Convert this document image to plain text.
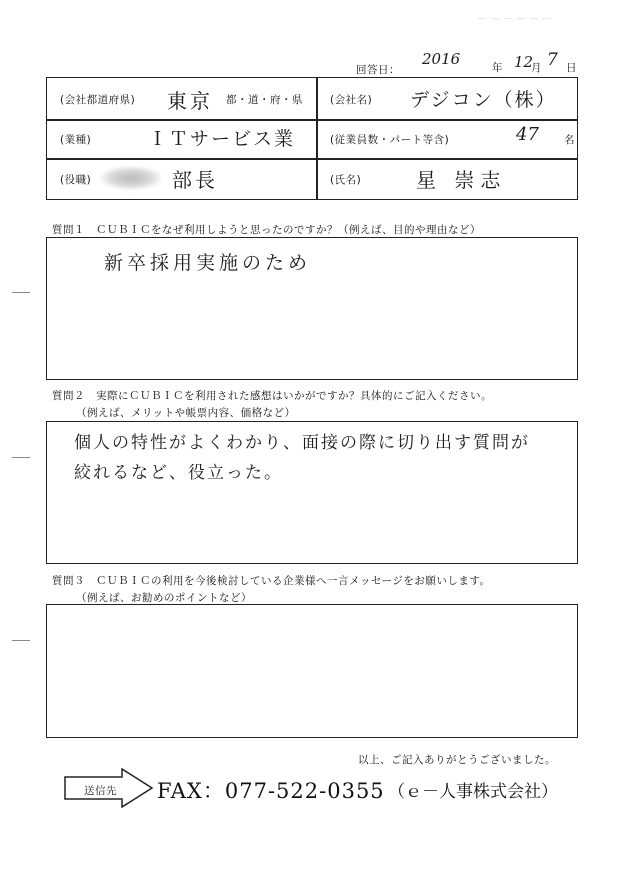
— — — — — —
回答日：
2016	年 12
月 7 日
(会社都道府県) 東京 都・道・府・県	(会社名) デジコン（株）
(業種)	ＩＴサービス業	(従業員数・パート等含)	47 名
(役職)	部長	(氏名)	星 崇志
質問１　ＣＵＢＩＣをなぜ利用しようと思ったのですか？（例えば、目的や理由など）
新卒採用実施のため
質問２　実際にＣＵＢＩＣを利用された感想はいかがですか？具体的にご記入ください。
（例えば、メリットや帳票内容、価格など）
個人の特性がよくわかり、面接の際に切り出す質問が
絞れるなど、役立った。
質問３　ＣＵＢＩＣの利用を今後検討している企業様へ一言メッセージをお願いします。
（例えば、お勧めのポイントなど）
以上、ご記入ありがとうございました。
送信先 FAX：077-522-0355 （ｅ－人事株式会社）
